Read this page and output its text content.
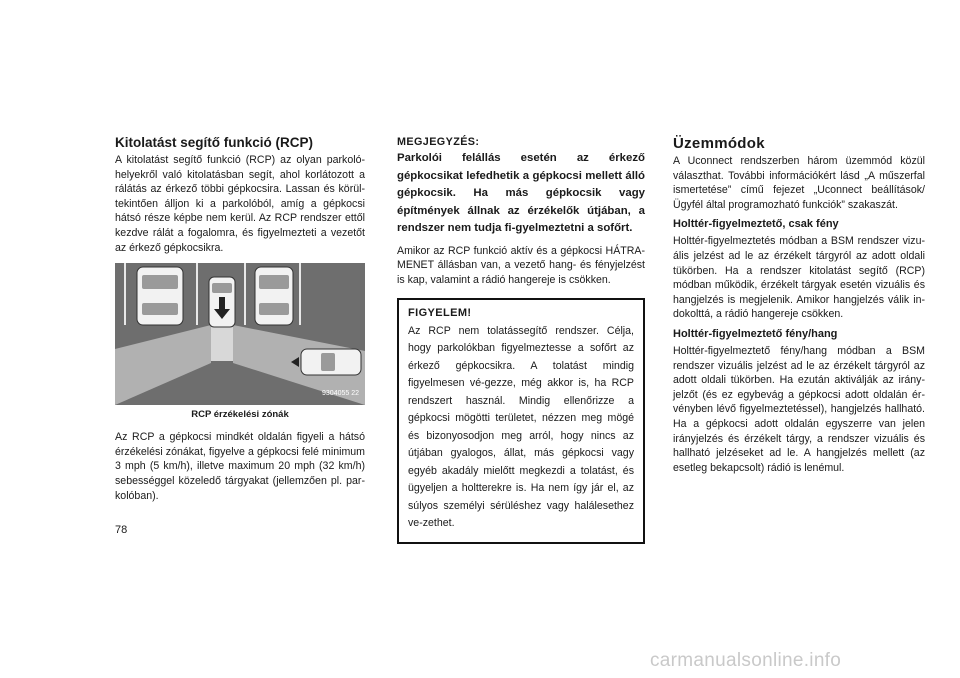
Kitolatást segítő funkció (RCP)

A kitolatást segítő funkció (RCP) az olyan parkoló-helyekről való kitolatásban segít, ahol korlátozott a rálátás az érkező többi gépkocsira. Lassan és körül-tekintően álljon ki a parkolóból, amíg a gépkocsi hátsó része képbe nem kerül. Az RCP rendszer ettől kezdve rálát a fogalomra, és figyelmezteti a vezetőt az érkező gépkocsikra.

9304055 22
RCP érzékelési zónák

Az RCP a gépkocsi mindkét oldalán figyeli a hátsó érzékelési zónákat, figyelve a gépkocsi felé minimum 3 mph (5 km/h), illetve maximum 20 mph (32 km/h) sebességgel közeledő tárgyakat (jellemzően pl. par-kolóban).

MEGJEGYZÉS:

Parkolói felállás esetén az érkező gépkocsikat lefedhetik a gépkocsi mellett álló gépkocsik. Ha más gépkocsik vagy építmények állnak az érzékelők útjában, a rendszer nem tudja fi-gyelmeztetni a sofőrt.

Amikor az RCP funkció aktív és a gépkocsi HÁTRA-MENET állásban van, a vezető hang- és fényjelzést is kap, valamint a rádió hangereje is csökken.

FIGYELEM!

Az RCP nem tolatássegítő rendszer. Célja, hogy parkolókban figyelmeztesse a sofőrt az érkező gépkocsikra. A tolatást mindig figyelmesen vé-gezze, még akkor is, ha RCP rendszert használ. Mindig ellenőrizze a gépkocsi mögötti területet, nézzen meg mögé és bizonyosodjon meg arról, hogy nincs az útjában gyalogos, állat, más gépkocsi vagy egyéb akadály mielőtt megkezdi a tolatást, és ügyeljen a holtterekre is. Ha nem így jár el, az súlyos személyi sérüléshez vagy halálesethez ve-zethet.

Üzemmódok

A Uconnect rendszerben három üzemmód közül választhat. További információkért lásd „A műszerfal ismertetése” című fejezet „Uconnect beállítások/ Ügyfél által programozható funkciók” szakaszát.

Holttér-figyelmeztető, csak fény

Holttér-figyelmeztetés módban a BSM rendszer vizu-ális jelzést ad le az érzékelt tárgyról az adott oldali tükörben. Ha a rendszer kitolatást segítő (RCP) módban működik, érzékelt tárgyak esetén vizuális és hangjelzés is megjelenik. Amikor hangjelzés válik in-dokolttá, a rádió hangereje csökken.

Holttér-figyelmeztető fény/hang

Holttér-figyelmeztető fény/hang módban a BSM rendszer vizuális jelzést ad le az érzékelt tárgyról az adott oldali tükörben. Ha ezután aktiválják az irány-jelzőt (és ez egybevág a gépkocsi adott oldalán ér-vényben lévő figyelmeztetéssel), hangjelzés hallható. Ha a gépkocsi adott oldalán egyszerre van jelen irányjelzés és érzékelt tárgy, a rendszer vizuális és hallható jelzéseket ad le. A hangjelzés mellett (az esetleg bekapcsolt) rádió is lenémul.

78
carmanualsonline.info
